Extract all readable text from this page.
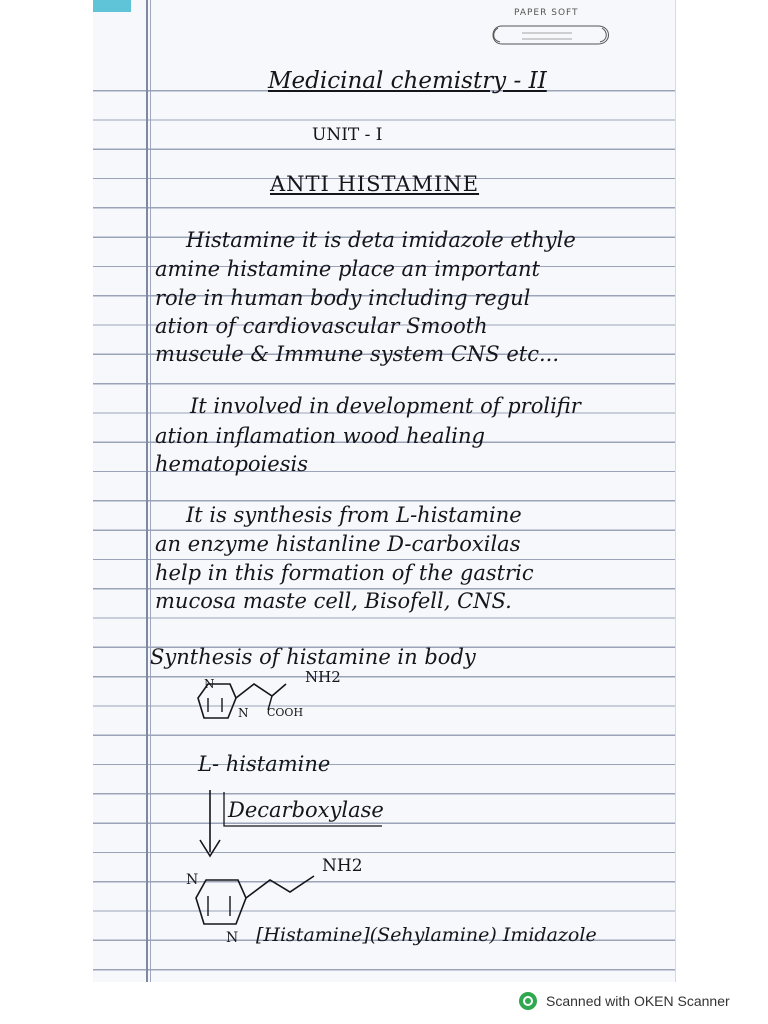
PAPER SOFT
Medicinal chemistry - II
UNIT - I
ANTI HISTAMINE
Histamine it is deta imidazole ethyle
amine histamine place an important
role in human body including regul
ation of cardiovascular Smooth
muscule & Immune system CNS etc...
It involved in development of prolifir
ation inflamation wood healing
hematopoiesis
It is synthesis from L-histamine
an enzyme histanline D-carboxilas
help in this formation of the gastric
mucosa maste cell, Bisofell, CNS.
Synthesis of histamine in body
N
N
NH2
COOH
L- histamine
Decarboxylase
N
N
NH2
[Histamine](Sehylamine) Imidazole
Scanned with OKEN Scanner
